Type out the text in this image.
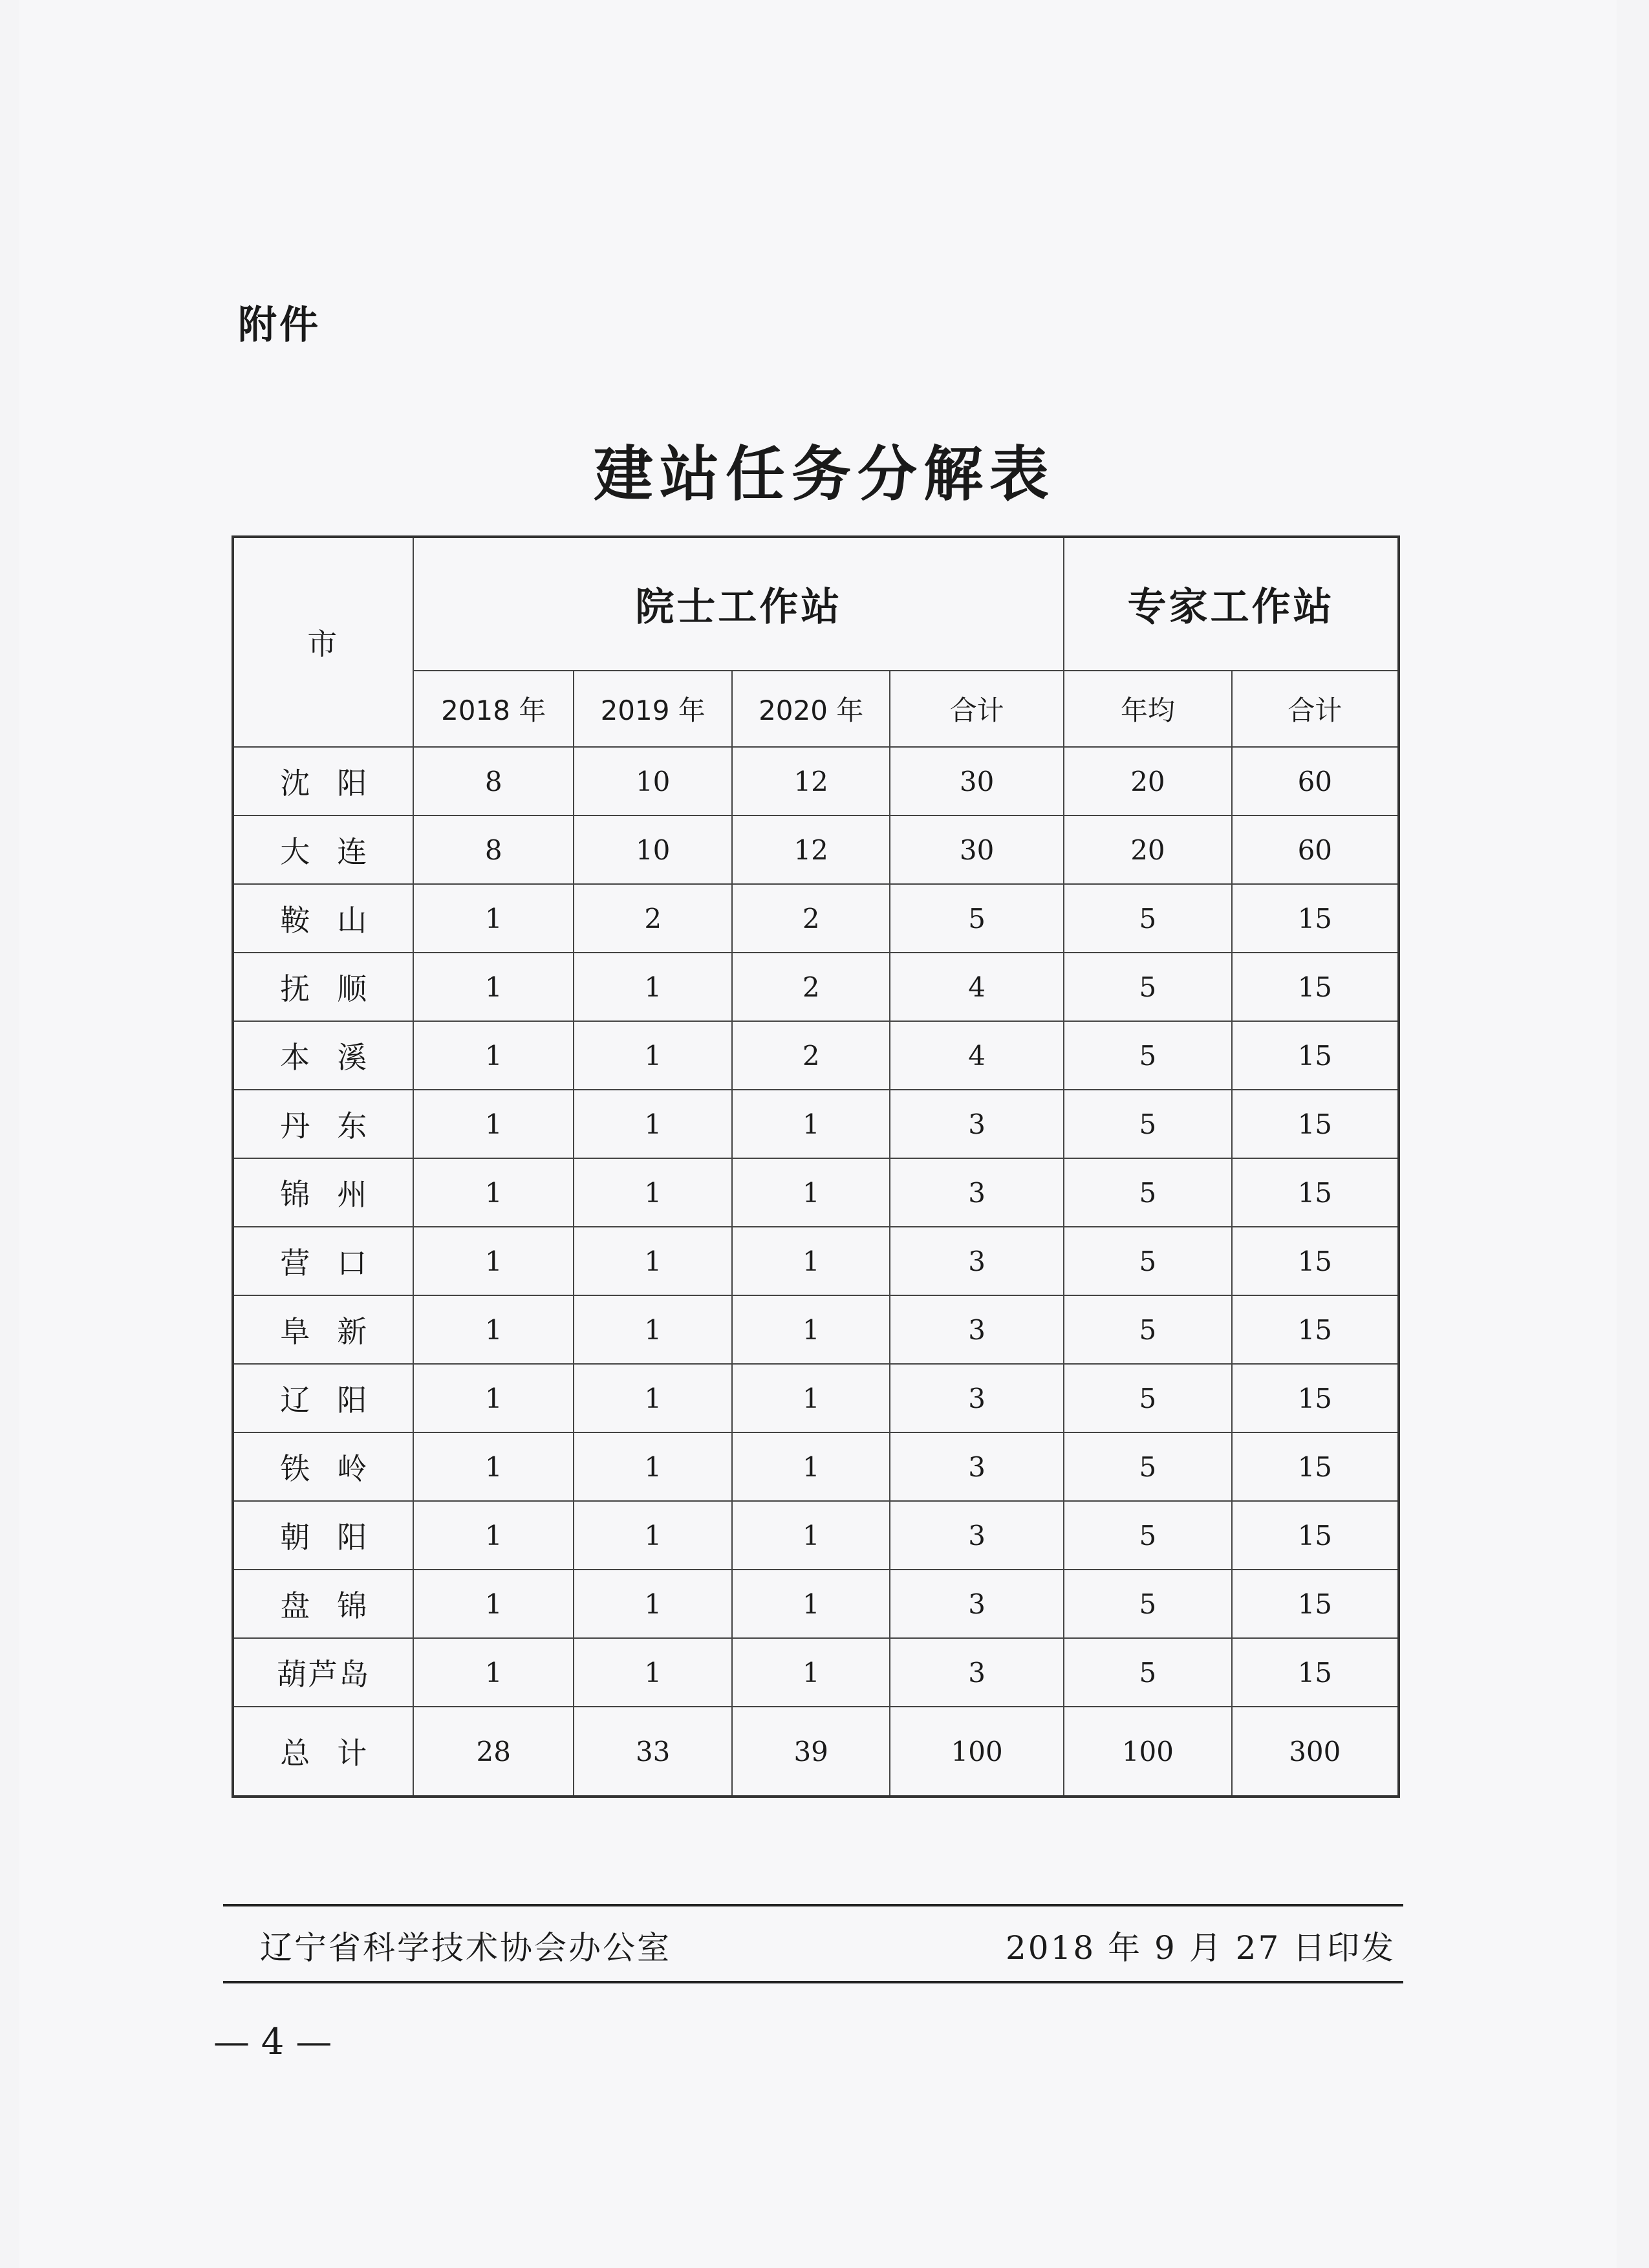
附件
建站任务分解表
市	院士工作站				专家工作站	
	2018 年	2019 年	2020 年	合计	年均	合计
沈阳	8	10	12	30	20	60
大连	8	10	12	30	20	60
鞍山	1	2	2	5	5	15
抚顺	1	1	2	4	5	15
本溪	1	1	2	4	5	15
丹东	1	1	1	3	5	15
锦州	1	1	1	3	5	15
营口	1	1	1	3	5	15
阜新	1	1	1	3	5	15
辽阳	1	1	1	3	5	15
铁岭	1	1	1	3	5	15
朝阳	1	1	1	3	5	15
盘锦	1	1	1	3	5	15
葫芦岛	1	1	1	3	5	15
总计	28	33	39	100	100	300
辽宁省科学技术协会办公室	2018 年 9 月 27 日印发
— 4 —
